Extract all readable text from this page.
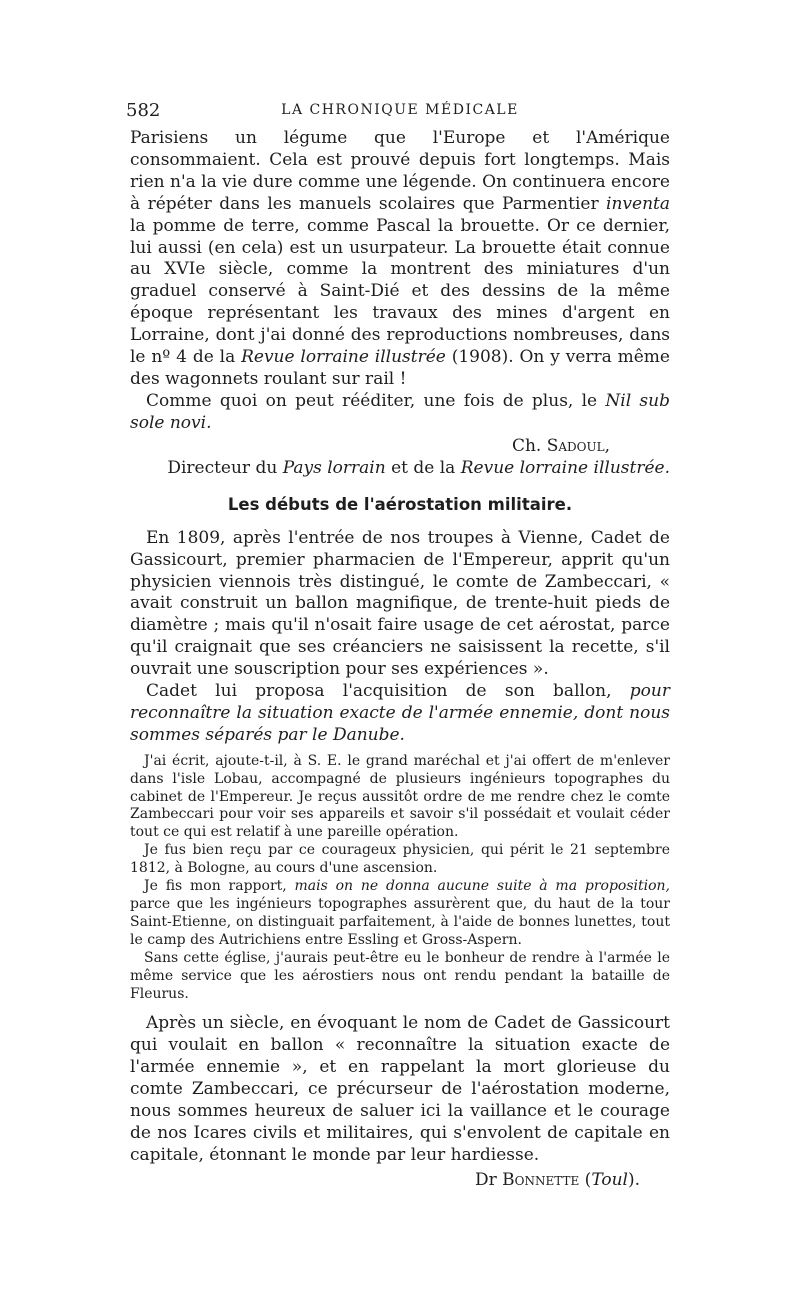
582	LA CHRONIQUE MÉDICALE

Parisiens un légume que l'Europe et l'Amérique consommaient. Cela est prouvé depuis fort longtemps. Mais rien n'a la vie dure comme une légende. On continuera encore à répéter dans les manuels scolaires que Parmentier inventa la pomme de terre, comme Pascal la brouette. Or ce dernier, lui aussi (en cela) est un usurpateur. La brouette était connue au XVIe siècle, comme la montrent des miniatures d'un graduel conservé à Saint-Dié et des dessins de la même époque représentant les travaux des mines d'argent en Lorraine, dont j'ai donné des reproductions nombreuses, dans le nº 4 de la Revue lorraine illustrée (1908). On y verra même des wagonnets roulant sur rail !

Comme quoi on peut rééditer, une fois de plus, le Nil sub sole novi.

Ch. Sadoul,

Directeur du Pays lorrain et de la Revue lorraine illustrée.

Les débuts de l'aérostation militaire.

En 1809, après l'entrée de nos troupes à Vienne, Cadet de Gassicourt, premier pharmacien de l'Empereur, apprit qu'un physicien viennois très distingué, le comte de Zambeccari, « avait construit un ballon magnifique, de trente-huit pieds de diamètre ; mais qu'il n'osait faire usage de cet aérostat, parce qu'il craignait que ses créanciers ne saisissent la recette, s'il ouvrait une souscription pour ses expériences ».

Cadet lui proposa l'acquisition de son ballon, pour reconnaître la situation exacte de l'armée ennemie, dont nous sommes séparés par le Danube.

J'ai écrit, ajoute-t-il, à S. E. le grand maréchal et j'ai offert de m'enlever dans l'isle Lobau, accompagné de plusieurs ingénieurs topographes du cabinet de l'Empereur. Je reçus aussitôt ordre de me rendre chez le comte Zambeccari pour voir ses appareils et savoir s'il possédait et voulait céder tout ce qui est relatif à une pareille opération.

Je fus bien reçu par ce courageux physicien, qui périt le 21 septembre 1812, à Bologne, au cours d'une ascension.

Je fis mon rapport, mais on ne donna aucune suite à ma proposition, parce que les ingénieurs topographes assurèrent que, du haut de la tour Saint-Etienne, on distinguait parfaitement, à l'aide de bonnes lunettes, tout le camp des Autrichiens entre Essling et Gross-Aspern.

Sans cette église, j'aurais peut-être eu le bonheur de rendre à l'armée le même service que les aérostiers nous ont rendu pendant la bataille de Fleurus.

Après un siècle, en évoquant le nom de Cadet de Gassicourt qui voulait en ballon « reconnaître la situation exacte de l'armée ennemie », et en rappelant la mort glorieuse du comte Zambeccari, ce précurseur de l'aérostation moderne, nous sommes heureux de saluer ici la vaillance et le courage de nos Icares civils et militaires, qui s'envolent de capitale en capitale, étonnant le monde par leur hardiesse.

Dr Bonnette (Toul).
